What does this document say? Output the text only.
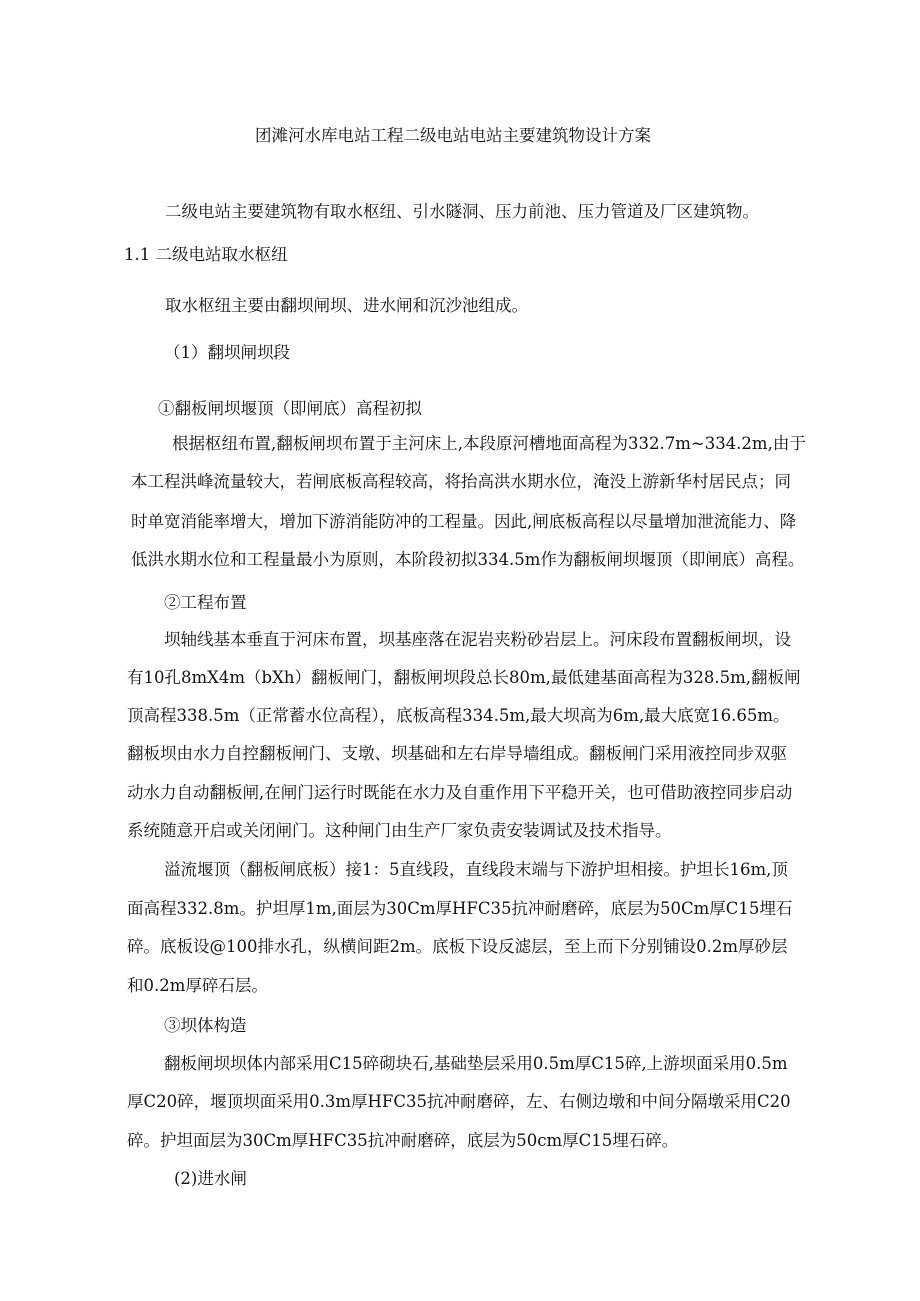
团滩河水库电站工程二级电站电站主要建筑物设计方案
二级电站主要建筑物有取水枢纽、引水隧洞、压力前池、压力管道及厂区建筑物。
1.1 二级电站取水枢纽
取水枢纽主要由翻坝闸坝、进水闸和沉沙池组成。
（1）翻坝闸坝段
①翻板闸坝堰顶（即闸底）高程初拟
根据枢纽布置,翻板闸坝布置于主河床上,本段原河槽地面高程为332.7m~334.2m,由于
本工程洪峰流量较大，若闸底板高程较高，将抬高洪水期水位，淹没上游新华村居民点；同
时单宽消能率增大，增加下游消能防冲的工程量。因此,闸底板高程以尽量增加泄流能力、降
低洪水期水位和工程量最小为原则，本阶段初拟334.5m作为翻板闸坝堰顶（即闸底）高程。
②工程布置
坝轴线基本垂直于河床布置，坝基座落在泥岩夹粉砂岩层上。河床段布置翻板闸坝，设
有10孔8mX4m（bXh）翻板闸门，翻板闸坝段总长80m,最低建基面高程为328.5m,翻板闸
顶高程338.5m（正常蓄水位高程），底板高程334.5m,最大坝高为6m,最大底宽16.65m。
翻板坝由水力自控翻板闸门、支墩、坝基础和左右岸导墙组成。翻板闸门采用液控同步双驱
动水力自动翻板闸,在闸门运行时既能在水力及自重作用下平稳开关，也可借助液控同步启动
系统随意开启或关闭闸门。这种闸门由生产厂家负责安装调试及技术指导。
溢流堰顶（翻板闸底板）接1：5直线段，直线段末端与下游护坦相接。护坦长16m,顶
面高程332.8m。护坦厚1m,面层为30Cm厚HFC35抗冲耐磨碎，底层为50Cm厚C15埋石
碎。底板设@100排水孔，纵横间距2m。底板下设反滤层，至上而下分别铺设0.2m厚砂层
和0.2m厚碎石层。
③坝体构造
翻板闸坝坝体内部采用C15碎砌块石,基础垫层采用0.5m厚C15碎,上游坝面采用0.5m
厚C20碎，堰顶坝面采用0.3m厚HFC35抗冲耐磨碎，左、右侧边墩和中间分隔墩采用C20
碎。护坦面层为30Cm厚HFC35抗冲耐磨碎，底层为50cm厚C15埋石碎。
(2)进水闸
